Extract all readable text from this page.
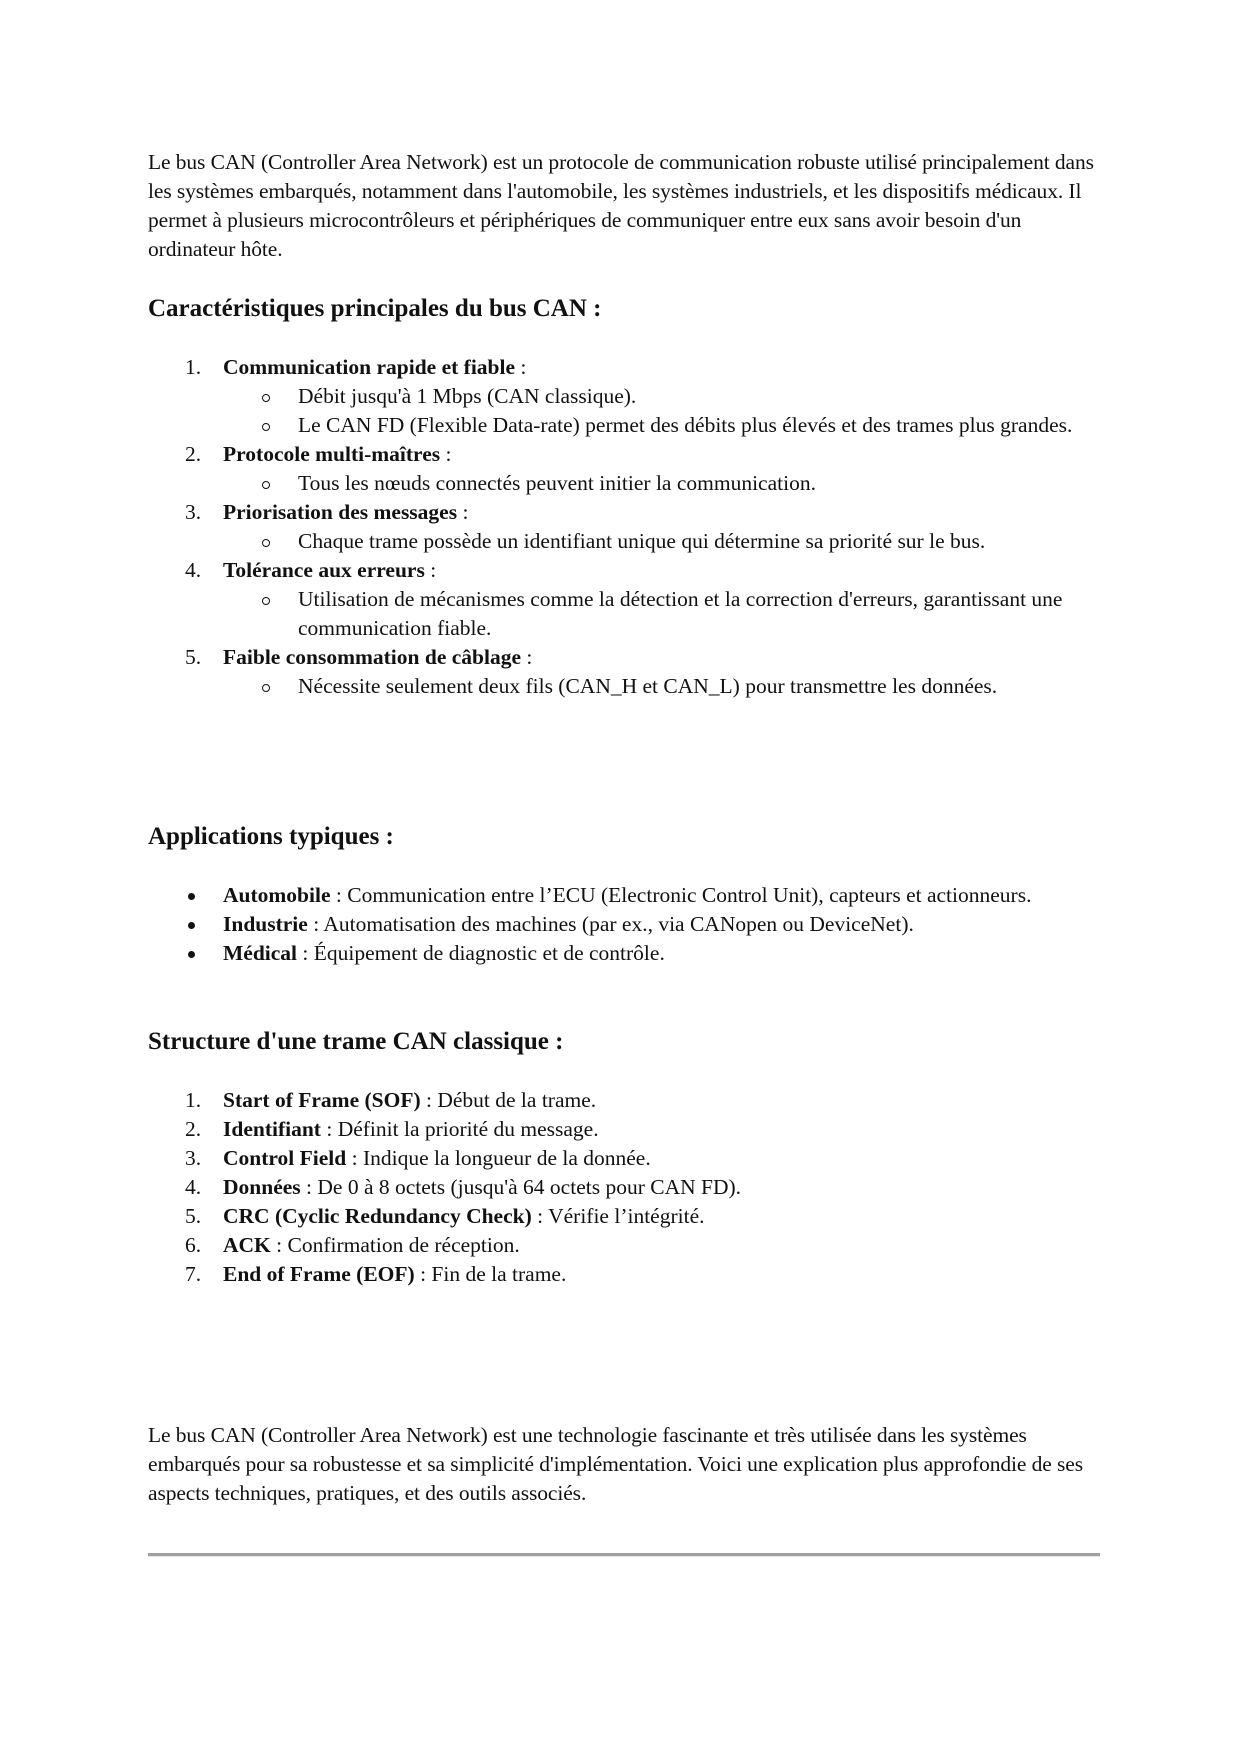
Le bus CAN (Controller Area Network) est un protocole de communication robuste utilisé principalement dans les systèmes embarqués, notamment dans l'automobile, les systèmes industriels, et les dispositifs médicaux. Il permet à plusieurs microcontrôleurs et périphériques de communiquer entre eux sans avoir besoin d'un ordinateur hôte.

Caractéristiques principales du bus CAN :
1.	Communication rapide et fiable :
Débit jusqu'à 1 Mbps (CAN classique).
Le CAN FD (Flexible Data-rate) permet des débits plus élevés et des trames plus grandes.
2.	Protocole multi-maîtres :
Tous les nœuds connectés peuvent initier la communication.
3.	Priorisation des messages :
Chaque trame possède un identifiant unique qui détermine sa priorité sur le bus.
4.	Tolérance aux erreurs :
Utilisation de mécanismes comme la détection et la correction d'erreurs, garantissant une communication fiable.
5.	Faible consommation de câblage :
Nécessite seulement deux fils (CAN_H et CAN_L) pour transmettre les données.
Applications typiques :
Automobile : Communication entre l’ECU (Electronic Control Unit), capteurs et actionneurs.
Industrie : Automatisation des machines (par ex., via CANopen ou DeviceNet).
Médical : Équipement de diagnostic et de contrôle.
Structure d'une trame CAN classique :
1.	Start of Frame (SOF) : Début de la trame.
2.	Identifiant : Définit la priorité du message.
3.	Control Field : Indique la longueur de la donnée.
4.	Données : De 0 à 8 octets (jusqu'à 64 octets pour CAN FD).
5.	CRC (Cyclic Redundancy Check) : Vérifie l’intégrité.
6.	ACK : Confirmation de réception.
7.	End of Frame (EOF) : Fin de la trame.

Le bus CAN (Controller Area Network) est une technologie fascinante et très utilisée dans les systèmes embarqués pour sa robustesse et sa simplicité d'implémentation. Voici une explication plus approfondie de ses aspects techniques, pratiques, et des outils associés.
